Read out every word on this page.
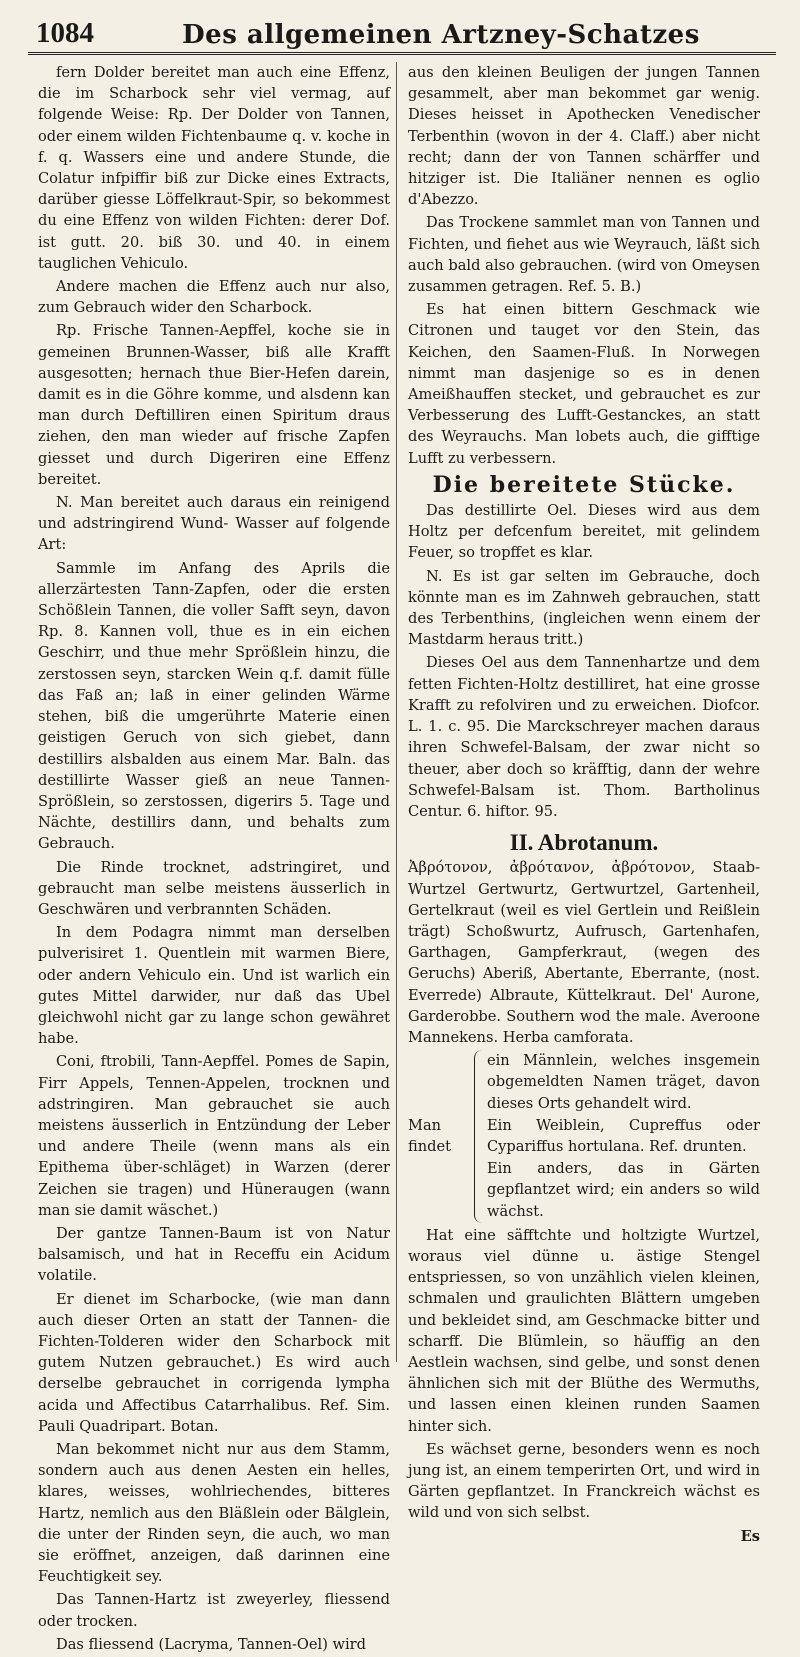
1084	Des allgemeinen Artzney-Schatzes

fern Dolder bereitet man auch eine Effenz, die im Scharbock sehr viel vermag, auf folgende Weise: Rp. Der Dolder von Tannen, oder einem wilden Fichtenbaume q. v. koche in f. q. Wassers eine und andere Stunde, die Colatur infpiffir biß zur Dicke eines Extracts, darüber giesse Löffelkraut-Spir, so bekommest du eine Effenz von wilden Fichten: derer Dof. ist gutt. 20. biß 30. und 40. in einem tauglichen Vehiculo.

Andere machen die Effenz auch nur also, zum Gebrauch wider den Scharbock.

Rp. Frische Tannen-Aepffel, koche sie in gemeinen Brunnen-Wasser, biß alle Krafft ausgesotten; hernach thue Bier-Hefen darein, damit es in die Göhre komme, und alsdenn kan man durch Deftilliren einen Spiritum draus ziehen, den man wieder auf frische Zapfen giesset und durch Digeriren eine Effenz bereitet.

N. Man bereitet auch daraus ein reinigend und adstringirend Wund- Wasser auf folgende Art:

Sammle im Anfang des Aprils die allerzärtesten Tann-Zapfen, oder die ersten Schößlein Tannen, die voller Safft seyn, davon Rp. 8. Kannen voll, thue es in ein eichen Geschirr, und thue mehr Sprößlein hinzu, die zerstossen seyn, starcken Wein q.f. damit fülle das Faß an; laß in einer gelinden Wärme stehen, biß die umgerührte Materie einen geistigen Geruch von sich giebet, dann destillirs alsbalden aus einem Mar. Baln. das destillirte Wasser gieß an neue Tannen-Sprößlein, so zerstossen, digerirs 5. Tage und Nächte, destillirs dann, und behalts zum Gebrauch.

Die Rinde trocknet, adstringiret, und gebraucht man selbe meistens äusserlich in Geschwären und verbrannten Schäden.

In dem Podagra nimmt man derselben pulverisiret 1. Quentlein mit warmen Biere, oder andern Vehiculo ein. Und ist warlich ein gutes Mittel darwider, nur daß das Ubel gleichwohl nicht gar zu lange schon gewähret habe.

Coni, ftrobili, Tann-Aepffel. Pomes de Sapin, Firr Appels, Tennen-Appelen, trocknen und adstringiren. Man gebrauchet sie auch meistens äusserlich in Entzündung der Leber und andere Theile (wenn mans als ein Epithema über-schläget) in Warzen (derer Zeichen sie tragen) und Hüneraugen (wann man sie damit wäschet.)

Der gantze Tannen-Baum ist von Natur balsamisch, und hat in Receffu ein Acidum volatile.

Er dienet im Scharbocke, (wie man dann auch dieser Orten an statt der Tannen- die Fichten-Tolderen wider den Scharbock mit gutem Nutzen gebrauchet.) Es wird auch derselbe gebrauchet in corrigenda lympha acida und Affectibus Catarrhalibus. Ref. Sim. Pauli Quadripart. Botan.

Man bekommet nicht nur aus dem Stamm, sondern auch aus denen Aesten ein helles, klares, weisses, wohlriechendes, bitteres Hartz, nemlich aus den Bläßlein oder Bälglein, die unter der Rinden seyn, die auch, wo man sie eröffnet, anzeigen, daß darinnen eine Feuchtigkeit sey.

Das Tannen-Hartz ist zweyerley, fliessend oder trocken.

Das fliessend (Lacryma, Tannen-Oel) wird

aus den kleinen Beuligen der jungen Tannen gesammelt, aber man bekommet gar wenig. Dieses heisset in Apothecken Venedischer Terbenthin (wovon in der 4. Claff.) aber nicht recht; dann der von Tannen schärffer und hitziger ist. Die Italiäner nennen es oglio d'Abezzo.

Das Trockene sammlet man von Tannen und Fichten, und fiehet aus wie Weyrauch, läßt sich auch bald also gebrauchen. (wird von Omeysen zusammen getragen. Ref. 5. B.)

Es hat einen bittern Geschmack wie Citronen und tauget vor den Stein, das Keichen, den Saamen-Fluß. In Norwegen nimmt man dasjenige so es in denen Ameißhauffen stecket, und gebrauchet es zur Verbesserung des Lufft-Gestanckes, an statt des Weyrauchs. Man lobets auch, die gifftige Lufft zu verbessern.

Die bereitete Stücke.

Das destillirte Oel. Dieses wird aus dem Holtz per defcenfum bereitet, mit gelindem Feuer, so tropffet es klar.

N. Es ist gar selten im Gebrauche, doch könnte man es im Zahnweh gebrauchen, statt des Terbenthins, (ingleichen wenn einem der Mastdarm heraus tritt.)

Dieses Oel aus dem Tannenhartze und dem fetten Fichten-Holtz destilliret, hat eine grosse Krafft zu refolviren und zu erweichen. Diofcor. L. 1. c. 95. Die Marckschreyer machen daraus ihren Schwefel-Balsam, der zwar nicht so theuer, aber doch so kräfftig, dann der wehre Schwefel-Balsam ist. Thom. Bartholinus Centur. 6. hiftor. 95.

II. Abrotanum.

Ἀβρότονον, ἀβρότανον, ἀβρότονον, Staab-Wurtzel Gertwurtz, Gertwurtzel, Gartenheil, Gertelkraut (weil es viel Gertlein und Reißlein trägt) Schoßwurtz, Aufrusch, Gartenhafen, Garthagen, Gampferkraut, (wegen des Geruchs) Aberiß, Abertante, Eberrante, (nost. Everrede) Albraute, Küttelkraut. Del' Aurone, Garderobbe. Southern wod the male. Averoone Mannekens. Herba camforata.

Man findet

ein Männlein, welches insgemein obgemeldten Namen träget, davon dieses Orts gehandelt wird.

Ein Weiblein, Cupreffus oder Cypariffus hortulana. Ref. drunten.

Ein anders, das in Gärten gepflantzet wird; ein anders so wild wächst.

Hat eine säfftchte und holtzigte Wurtzel, woraus viel dünne u. ästige Stengel entspriessen, so von unzählich vielen kleinen, schmalen und graulichten Blättern umgeben und bekleidet sind, am Geschmacke bitter und scharff. Die Blümlein, so häuffig an den Aestlein wachsen, sind gelbe, und sonst denen ähnlichen sich mit der Blüthe des Wermuths, und lassen einen kleinen runden Saamen hinter sich.

Es wächset gerne, besonders wenn es noch jung ist, an einem temperirten Ort, und wird in Gärten gepflantzet. In Franckreich wächst es wild und von sich selbst.

Es
